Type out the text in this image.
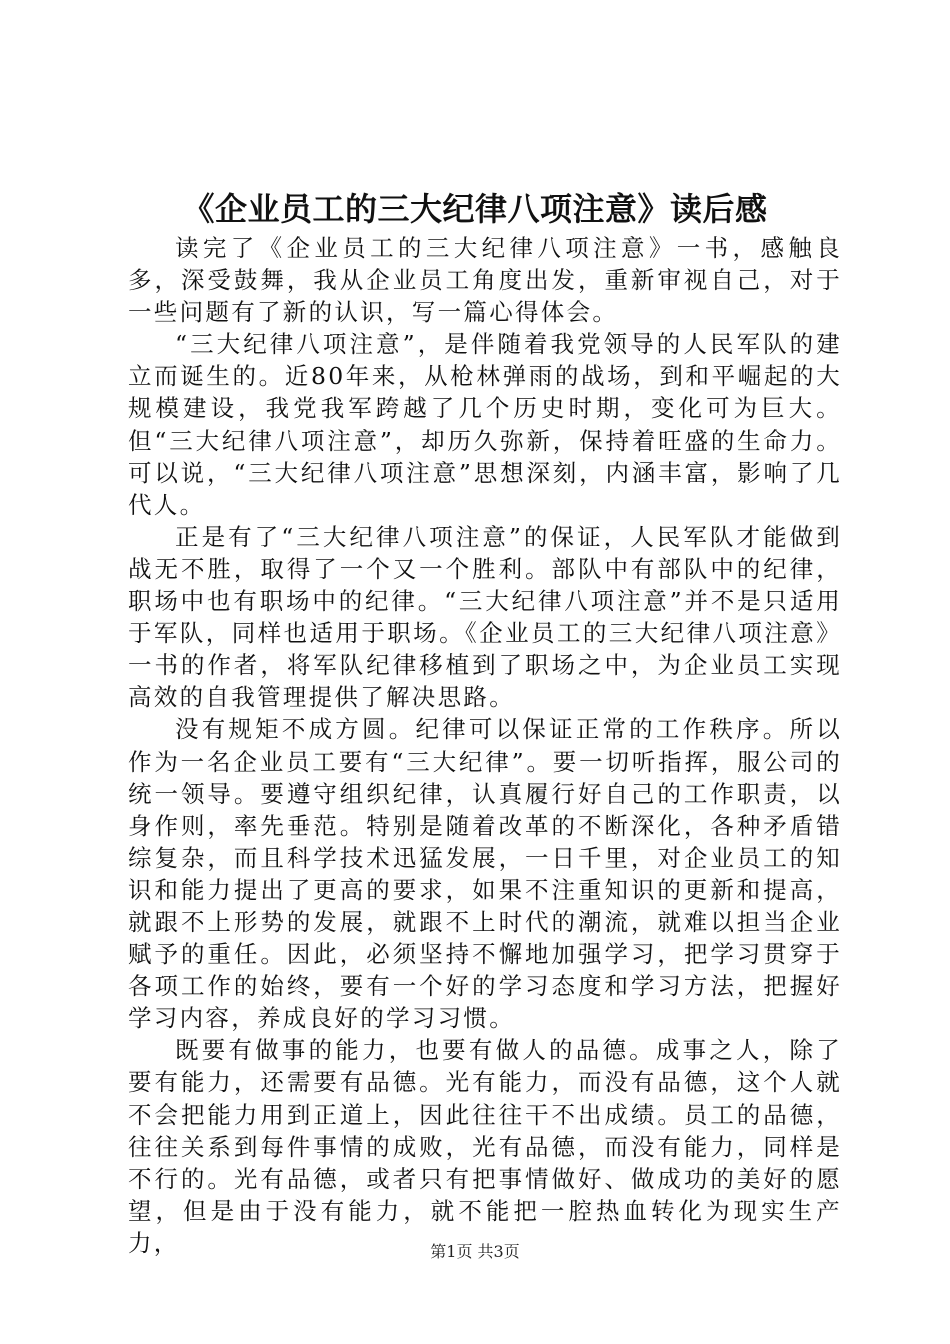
《企业员工的三大纪律八项注意》读后感

读完了《企业员工的三大纪律八项注意》一书，感触良多，深受鼓舞，我从企业员工角度出发，重新审视自己，对于一些问题有了新的认识，写一篇心得体会。

“三大纪律八项注意”，是伴随着我党领导的人民军队的建立而诞生的。近80年来，从枪林弹雨的战场，到和平崛起的大规模建设，我党我军跨越了几个历史时期，变化可为巨大。但“三大纪律八项注意”，却历久弥新，保持着旺盛的生命力。可以说，“三大纪律八项注意”思想深刻，内涵丰富，影响了几代人。

正是有了“三大纪律八项注意”的保证，人民军队才能做到战无不胜，取得了一个又一个胜利。部队中有部队中的纪律，职场中也有职场中的纪律。“三大纪律八项注意”并不是只适用于军队，同样也适用于职场。《企业员工的三大纪律八项注意》一书的作者，将军队纪律移植到了职场之中，为企业员工实现高效的自我管理提供了解决思路。

没有规矩不成方圆。纪律可以保证正常的工作秩序。所以作为一名企业员工要有“三大纪律”。要一切听指挥，服公司的统一领导。要遵守组织纪律，认真履行好自己的工作职责，以身作则，率先垂范。特别是随着改革的不断深化，各种矛盾错综复杂，而且科学技术迅猛发展，一日千里，对企业员工的知识和能力提出了更高的要求，如果不注重知识的更新和提高，就跟不上形势的发展，就跟不上时代的潮流，就难以担当企业赋予的重任。因此，必须坚持不懈地加强学习，把学习贯穿于各项工作的始终，要有一个好的学习态度和学习方法，把握好学习内容，养成良好的学习习惯。

既要有做事的能力，也要有做人的品德。成事之人，除了要有能力，还需要有品德。光有能力，而没有品德，这个人就不会把能力用到正道上，因此往往干不出成绩。员工的品德，往往关系到每件事情的成败，光有品德，而没有能力，同样是不行的。光有品德，或者只有把事情做好、做成功的美好的愿望，但是由于没有能力，就不能把一腔热血转化为现实生产力，	第1页 共3页
